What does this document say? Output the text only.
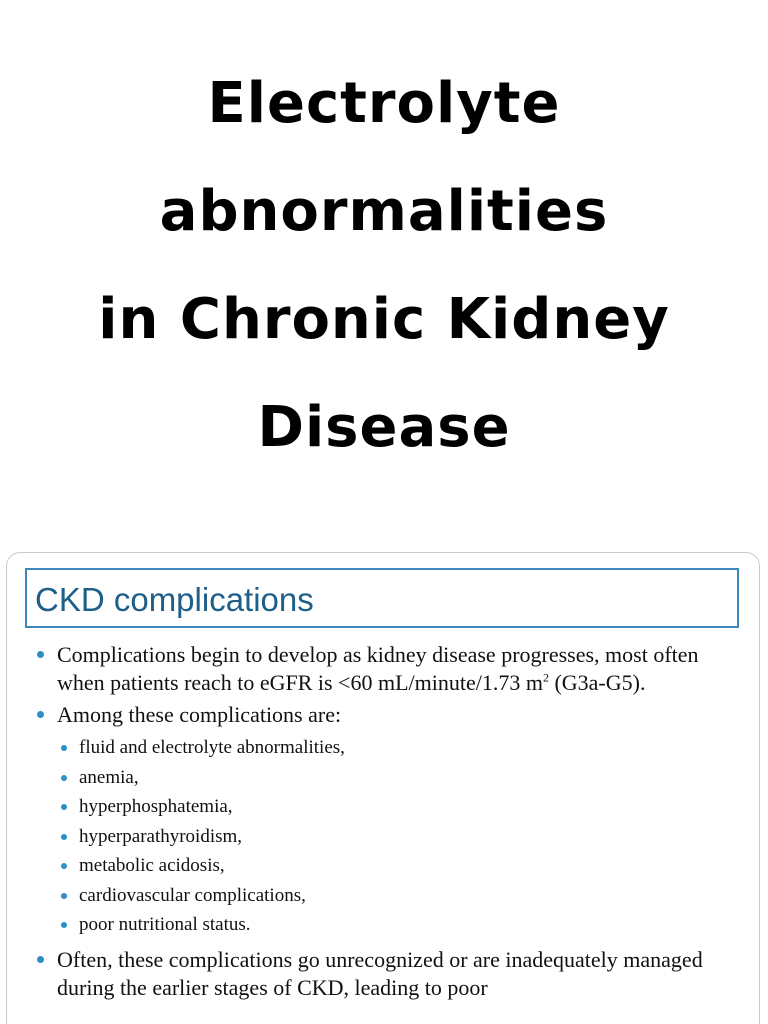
Electrolyte
abnormalities
in Chronic Kidney
Disease
CKD complications

Complications begin to develop as kidney disease progresses, most often when patients reach to eGFR is <60 mL/minute/1.73 $m^2$ (G3a-G5).

Among these complications are:

fluid and electrolyte abnormalities,
anemia,
hyperphosphatemia,
hyperparathyroidism,
metabolic acidosis,
cardiovascular complications,
poor nutritional status.

Often, these complications go unrecognized or are inadequately managed during the earlier stages of CKD, leading to poor
